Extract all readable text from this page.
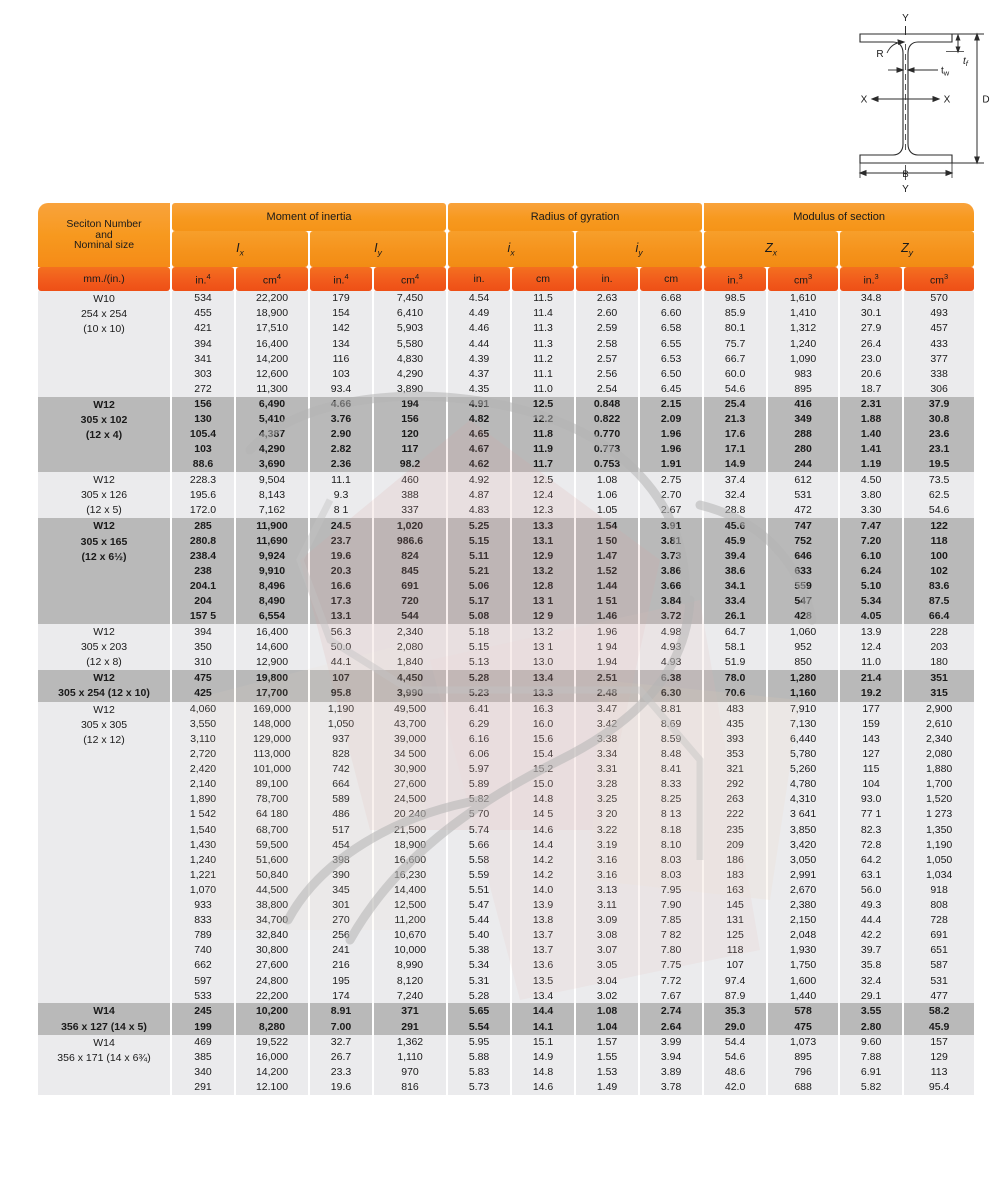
Y
Y
X	X
R
D
B
$t_f$
$t_w$
Seciton Number
and
Nominal size	Moment of inertia				Radius of gyration				Modulus of section			
	$I_x$		$I_y$		$i_x$		$i_y$		$Z_x$		$Z_y$
mm./(in.)	in.$^4$	$cm^4$	in.$^4$	$cm^4$	in.	cm	in.	cm	in.$^3$	$cm^3$	in.$^3$	$cm^3$

W10
254 x 254
(10 x 10)	534	22,200	179	7,450	4.54	11.5	2.63	6.68	98.5	1,610	34.8	570
	455	18,900	154	6,410	4.49	11.4	2.60	6.60	85.9	1,410	30.1	493
	421	17,510	142	5,903	4.46	11.3	2.59	6.58	80.1	1,312	27.9	457
	394	16,400	134	5,580	4.44	11.3	2.58	6.55	75.7	1,240	26.4	433
	341	14,200	116	4,830	4.39	11.2	2.57	6.53	66.7	1,090	23.0	377
	303	12,600	103	4,290	4.37	11.1	2.56	6.50	60.0	983	20.6	338
	272	11,300	93.4	3,890	4.35	11.0	2.54	6.45	54.6	895	18.7	306

W12
305 x 102
(12 x 4)	156	6,490	4.66	194	4.91	12.5	0.848	2.15	25.4	416	2.31	37.9
	130	5,410	3.76	156	4.82	12.2	0.822	2.09	21.3	349	1.88	30.8
	105.4	4,387	2.90	120	4.65	11.8	0.770	1.96	17.6	288	1.40	23.6
	103	4,290	2.82	117	4.67	11.9	0.773	1.96	17.1	280	1.41	23.1
	88.6	3,690	2.36	98.2	4.62	11.7	0.753	1.91	14.9	244	1.19	19.5

W12
305 x 126
(12 x 5)	228.3	9,504	11.1	460	4.92	12.5	1.08	2.75	37.4	612	4.50	73.5
	195.6	8,143	9.3	388	4.87	12.4	1.06	2.70	32.4	531	3.80	62.5
	172.0	7,162	8 1	337	4.83	12.3	1.05	2.67	28.8	472	3.30	54.6

W12
305 x 165
(12 x 6½)	285	11,900	24.5	1,020	5.25	13.3	1.54	3.91	45.6	747	7.47	122
	280.8	11,690	23.7	986.6	5.15	13.1	1 50	3.81	45.9	752	7.20	118
	238.4	9,924	19.6	824	5.11	12.9	1.47	3.73	39.4	646	6.10	100
	238	9,910	20.3	845	5.21	13.2	1.52	3.86	38.6	633	6.24	102
	204.1	8,496	16.6	691	5.06	12.8	1.44	3.66	34.1	559	5.10	83.6
	204	8,490	17.3	720	5.17	13 1	1 51	3.84	33.4	547	5.34	87.5
	157 5	6,554	13.1	544	5.08	12 9	1.46	3.72	26.1	428	4.05	66.4

W12
305 x 203
(12 x 8)	394	16,400	56.3	2,340	5.18	13.2	1.96	4.98	64.7	1,060	13.9	228
	350	14,600	50.0	2,080	5.15	13 1	1 94	4.93	58.1	952	12.4	203
	310	12,900	44.1	1,840	5.13	13.0	1.94	4.93	51.9	850	11.0	180

W12
305 x 254 (12 x 10)	475	19,800	107	4,450	5.28	13.4	2.51	6.38	78.0	1,280	21.4	351
	425	17,700	95.8	3,990	5.23	13.3	2.48	6.30	70.6	1,160	19.2	315

W12
305 x 305
(12 x 12)	4,060	169,000	1,190	49,500	6.41	16.3	3.47	8.81	483	7,910	177	2,900
	3,550	148,000	1,050	43,700	6.29	16.0	3.42	8.69	435	7,130	159	2,610
	3,110	129,000	937	39,000	6.16	15.6	3.38	8.59	393	6,440	143	2,340
	2,720	113,000	828	34 500	6.06	15.4	3.34	8.48	353	5,780	127	2,080
	2,420	101,000	742	30,900	5.97	15.2	3.31	8.41	321	5,260	115	1,880
	2,140	89,100	664	27,600	5.89	15.0	3.28	8.33	292	4,780	104	1,700
	1,890	78,700	589	24,500	5.82	14.8	3.25	8.25	263	4,310	93.0	1,520
	1 542	64 180	486	20 240	5 70	14 5	3 20	8 13	222	3 641	77 1	1 273
	1,540	68,700	517	21,500	5.74	14.6	3.22	8.18	235	3,850	82.3	1,350
	1,430	59,500	454	18,900	5.66	14.4	3.19	8.10	209	3,420	72.8	1,190
	1,240	51,600	398	16,600	5.58	14.2	3.16	8.03	186	3,050	64.2	1,050
	1,221	50,840	390	16,230	5.59	14.2	3.16	8.03	183	2,991	63.1	1,034
	1,070	44,500	345	14,400	5.51	14.0	3.13	7.95	163	2,670	56.0	918
	933	38,800	301	12,500	5.47	13.9	3.11	7.90	145	2,380	49.3	808
	833	34,700	270	11,200	5.44	13.8	3.09	7.85	131	2,150	44.4	728
	789	32,840	256	10,670	5.40	13.7	3.08	7 82	125	2,048	42.2	691
	740	30,800	241	10,000	5.38	13.7	3.07	7.80	118	1,930	39.7	651
	662	27,600	216	8,990	5.34	13.6	3.05	7.75	107	1,750	35.8	587
	597	24,800	195	8,120	5.31	13.5	3.04	7.72	97.4	1,600	32.4	531
	533	22,200	174	7,240	5.28	13.4	3.02	7.67	87.9	1,440	29.1	477

W14
356 x 127 (14 x 5)	245	10,200	8.91	371	5.65	14.4	1.08	2.74	35.3	578	3.55	58.2
	199	8,280	7.00	291	5.54	14.1	1.04	2.64	29.0	475	2.80	45.9

W14
356 x 171 (14 x 6¾)	469	19,522	32.7	1,362	5.95	15.1	1.57	3.99	54.4	1,073	9.60	157
	385	16,000	26.7	1,110	5.88	14.9	1.55	3.94	54.6	895	7.88	129
	340	14,200	23.3	970	5.83	14.8	1.53	3.89	48.6	796	6.91	113
	291	12.100	19.6	816	5.73	14.6	1.49	3.78	42.0	688	5.82	95.4
